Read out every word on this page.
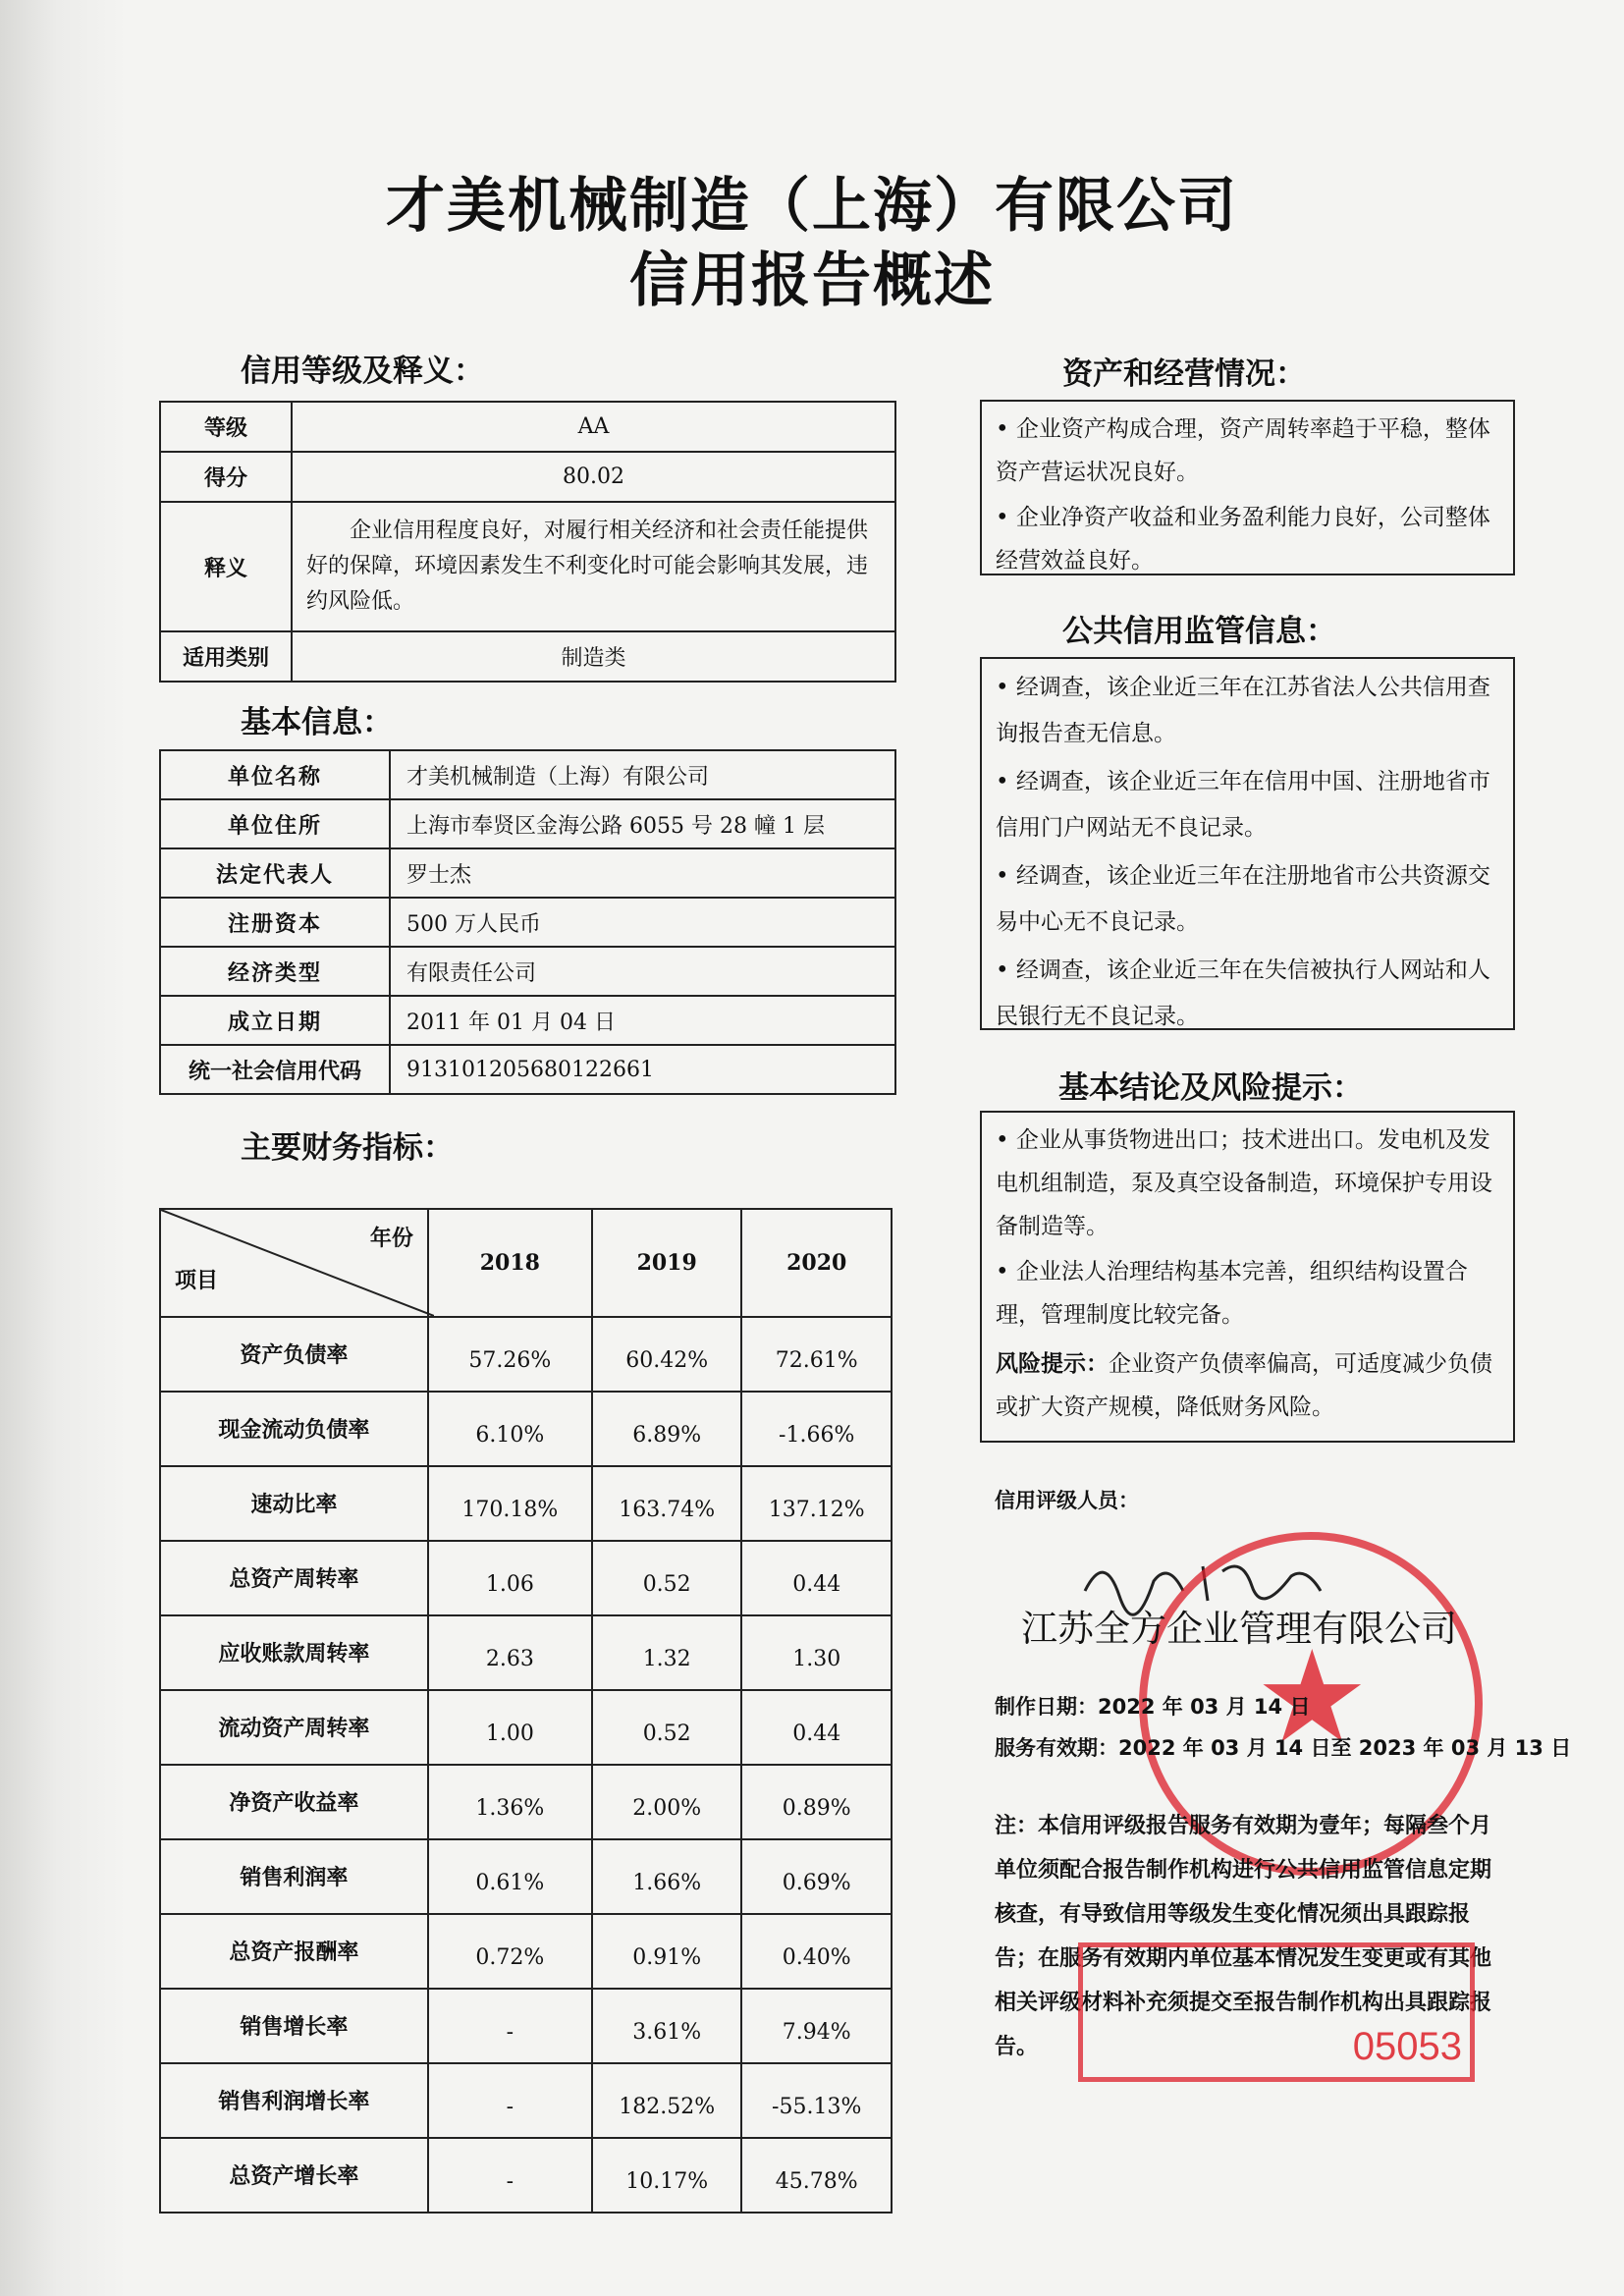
才美机械制造（上海）有限公司
信用报告概述
信用等级及释义：
等级	AA
得分	80.02
释义	企业信用程度良好，对履行相关经济和社会责任能提供好的保障，环境因素发生不利变化时可能会影响其发展，违约风险低。
适用类别	制造类
基本信息：
单位名称	才美机械制造（上海）有限公司
单位住所	上海市奉贤区金海公路 6055 号 28 幢 1 层
法定代表人	罗士杰
注册资本	500 万人民币
经济类型	有限责任公司
成立日期	2011 年 01 月 04 日
统一社会信用代码	913101205680122661
主要财务指标：
年份
项目	2018	2019	2020
资产负债率	57.26%	60.42%	72.61%
现金流动负债率	6.10%	6.89%	-1.66%
速动比率	170.18%	163.74%	137.12%
总资产周转率	1.06	0.52	0.44
应收账款周转率	2.63	1.32	1.30
流动资产周转率	1.00	0.52	0.44
净资产收益率	1.36%	2.00%	0.89%
销售利润率	0.61%	1.66%	0.69%
总资产报酬率	0.72%	0.91%	0.40%
销售增长率	-	3.61%	7.94%
销售利润增长率	-	182.52%	-55.13%
总资产增长率	-	10.17%	45.78%
资产和经营情况：

• 企业资产构成合理，资产周转率趋于平稳，整体资产营运状况良好。

• 企业净资产收益和业务盈利能力良好，公司整体经营效益良好。

公共信用监管信息：

• 经调查，该企业近三年在江苏省法人公共信用查询报告查无信息。

• 经调查，该企业近三年在信用中国、注册地省市信用门户网站无不良记录。

• 经调查，该企业近三年在注册地省市公共资源交易中心无不良记录。

• 经调查，该企业近三年在失信被执行人网站和人民银行无不良记录。

基本结论及风险提示：

• 企业从事货物进出口；技术进出口。发电机及发电机组制造，泵及真空设备制造，环境保护专用设备制造等。

• 企业法人治理结构基本完善，组织结构设置合理，管理制度比较完备。

风险提示：企业资产负债率偏高，可适度减少负债或扩大资产规模，降低财务风险。

信用评级人员：
★
江苏全方企业管理有限公司
制作日期：2022 年 03 月 14 日
服务有效期：2022 年 03 月 14 日至 2023 年 03 月 13 日
注：本信用评级报告服务有效期为壹年；每隔叁个月单位须配合报告制作机构进行公共信用监管信息定期核查，有导致信用等级发生变化情况须出具跟踪报告；在服务有效期内单位基本情况发生变更或有其他相关评级材料补充须提交至报告制作机构出具跟踪报告。	05053
